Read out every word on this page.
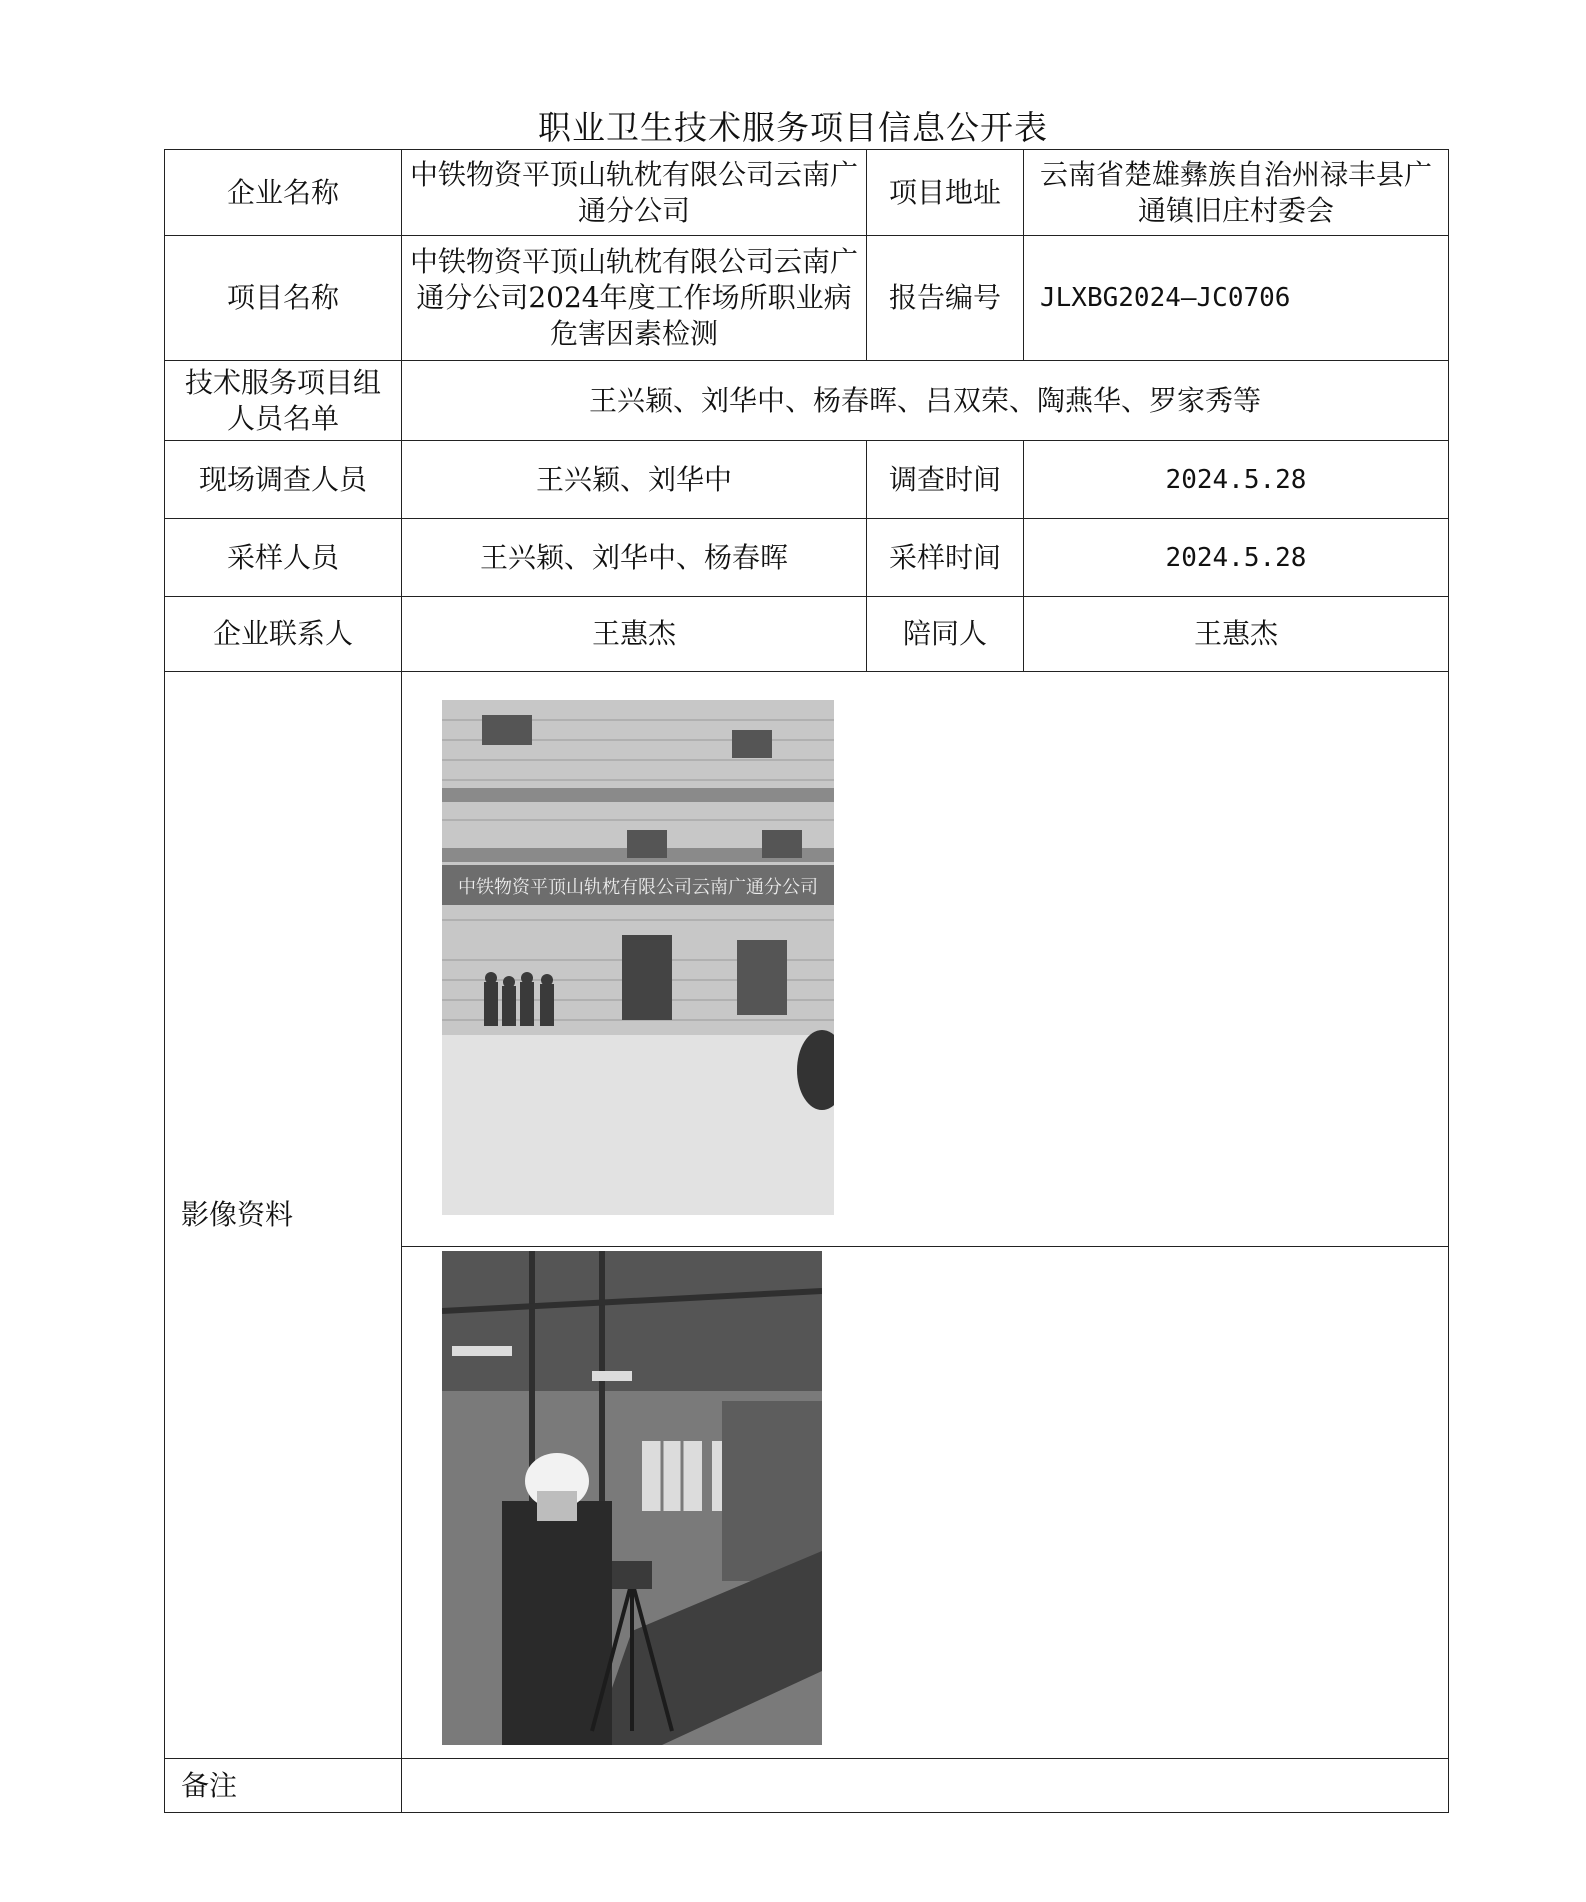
职业卫生技术服务项目信息公开表
企业名称	中铁物资平顶山轨枕有限公司云南广通分公司	项目地址	云南省楚雄彝族自治州禄丰县广通镇旧庄村委会
项目名称	中铁物资平顶山轨枕有限公司云南广通分公司2024年度工作场所职业病危害因素检测	报告编号	JLXBG2024—JC0706
技术服务项目组人员名单	王兴颖、刘华中、杨春晖、吕双荣、陶燕华、罗家秀等		
现场调查人员	王兴颖、刘华中	调查时间	2024.5.28
采样人员	王兴颖、刘华中、杨春晖	采样时间	2024.5.28
企业联系人	王惠杰	陪同人	王惠杰
影像资料	中铁物资平顶山轨枕有限公司云南广通分公司		

备注			
